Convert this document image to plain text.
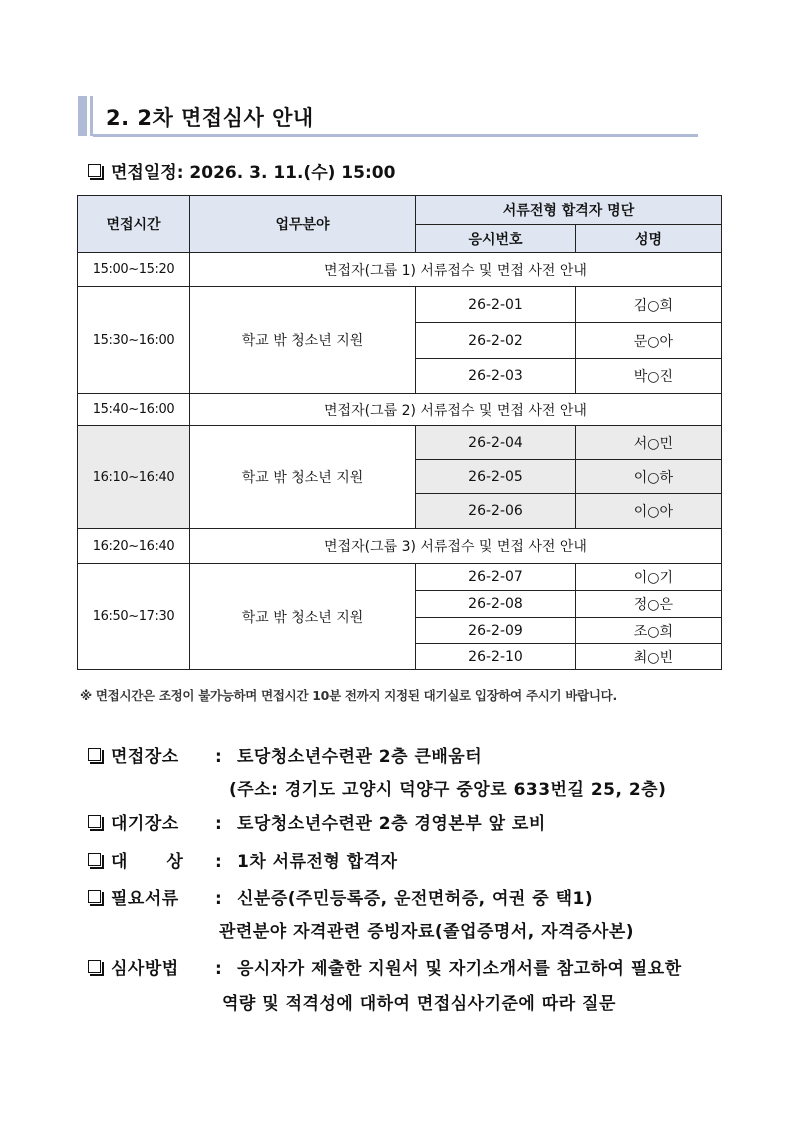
2. 2차 면접심사 안내
면접일정: 2026. 3. 11.(수) 15:00
면접시간	업무분야	서류전형 합격자 명단	
		응시번호	성명
15:00~15:20	면접자(그룹 1) 서류접수 및 면접 사전 안내		
15:30~16:00	학교 밖 청소년 지원	26-2-01	김○희
		26-2-02	문○아
		26-2-03	박○진
15:40~16:00	면접자(그룹 2) 서류접수 및 면접 사전 안내		
16:10~16:40	학교 밖 청소년 지원	26-2-04	서○민
		26-2-05	이○하
		26-2-06	이○아
16:20~16:40	면접자(그룹 3) 서류접수 및 면접 사전 안내		
16:50~17:30	학교 밖 청소년 지원	26-2-07	이○기
		26-2-08	정○은
		26-2-09	조○희
		26-2-10	최○빈
※ 면접시간은 조정이 불가능하며 면접시간 10분 전까지 지정된 대기실로 입장하여 주시기 바랍니다.
면접장소 : 토당청소년수련관 2층 큰배움터
(주소: 경기도 고양시 덕양구 중앙로 633번길 25, 2층)
대기장소 : 토당청소년수련관 2층 경영본부 앞 로비
대      상 : 1차 서류전형 합격자
필요서류 : 신분증(주민등록증, 운전면허증, 여권 중 택1)
관련분야 자격관련 증빙자료(졸업증명서, 자격증사본)
심사방법 : 응시자가 제출한 지원서 및 자기소개서를 참고하여 필요한
역량 및 적격성에 대하여 면접심사기준에 따라 질문
